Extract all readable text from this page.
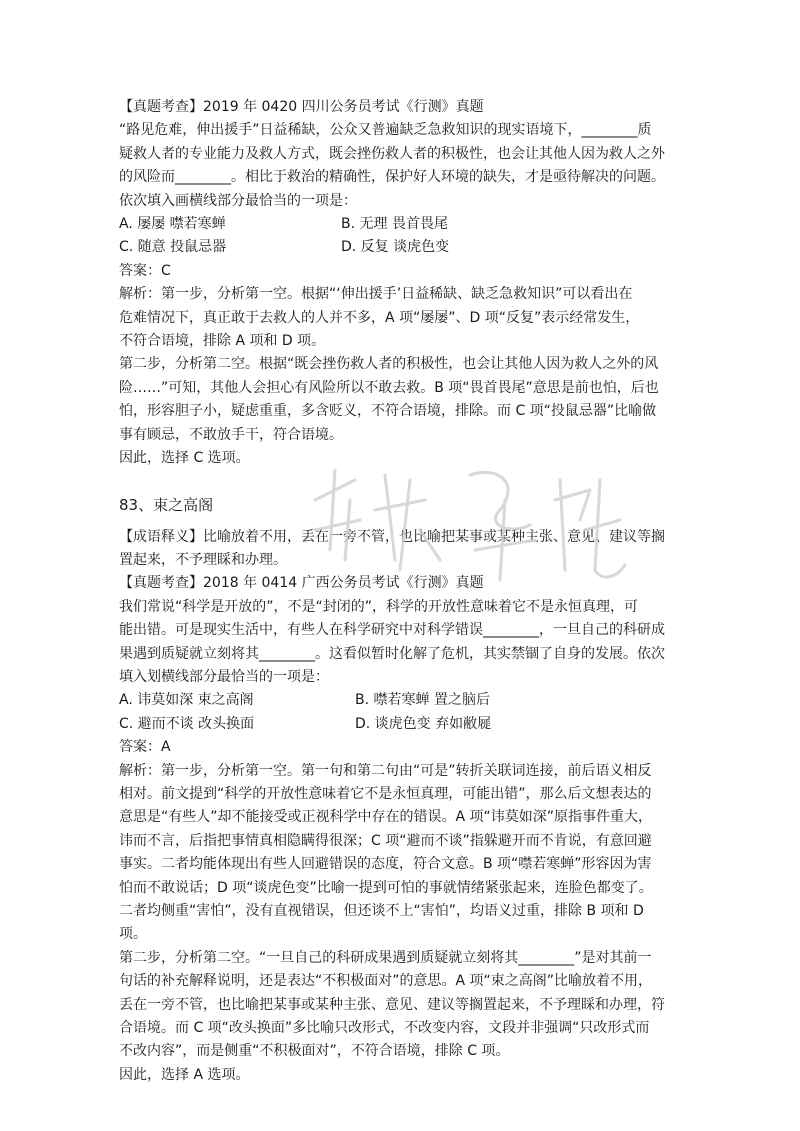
【真题考查】2019 年 0420 四川公务员考试《行测》真题

“路见危难，伸出援手”日益稀缺，公众又普遍缺乏急救知识的现实语境下，________质

疑救人者的专业能力及救人方式，既会挫伤救人者的积极性，也会让其他人因为救人之外

的风险而________。相比于救治的精确性，保护好人环境的缺失，才是亟待解决的问题。

依次填入画横线部分最恰当的一项是：

A. 屡屡 噤若寒蝉	B. 无理 畏首畏尾
C. 随意 投鼠忌器	D. 反复 谈虎色变

答案：C

解析：第一步，分析第一空。根据“‘伸出援手’日益稀缺、缺乏急救知识”可以看出在

危难情况下，真正敢于去救人的人并不多，A 项“屡屡”、D 项“反复”表示经常发生，

不符合语境，排除 A 项和 D 项。

第二步，分析第二空。根据“既会挫伤救人者的积极性，也会让其他人因为救人之外的风

险……”可知，其他人会担心有风险所以不敢去救。B 项“畏首畏尾”意思是前也怕，后也

怕，形容胆子小，疑虑重重，多含贬义，不符合语境，排除。而 C 项“投鼠忌器”比喻做

事有顾忌，不敢放手干，符合语境。

因此，选择 C 选项。

83、束之高阁

【成语释义】比喻放着不用，丢在一旁不管，也比喻把某事或某种主张、意见、建议等搁

置起来，不予理睬和办理。

【真题考查】2018 年 0414 广西公务员考试《行测》真题

我们常说“科学是开放的”，不是“封闭的”，科学的开放性意味着它不是永恒真理，可

能出错。可是现实生活中，有些人在科学研究中对科学错误________，一旦自己的科研成

果遇到质疑就立刻将其________。这看似暂时化解了危机，其实禁锢了自身的发展。依次

填入划横线部分最恰当的一项是：

A. 讳莫如深 束之高阁	B. 噤若寒蝉 置之脑后
C. 避而不谈 改头换面	D. 谈虎色变 弃如敝屣

答案：A

解析：第一步，分析第一空。第一句和第二句由“可是”转折关联词连接，前后语义相反

相对。前文提到“科学的开放性意味着它不是永恒真理，可能出错”，那么后文想表达的

意思是“有些人”却不能接受或正视科学中存在的错误。A 项“讳莫如深”原指事件重大，

讳而不言，后指把事情真相隐瞒得很深；C 项“避而不谈”指躲避开而不肯说，有意回避

事实。二者均能体现出有些人回避错误的态度，符合文意。B 项“噤若寒蝉”形容因为害

怕而不敢说话；D 项“谈虎色变”比喻一提到可怕的事就情绪紧张起来，连脸色都变了。

二者均侧重“害怕”，没有直视错误，但还谈不上“害怕”，均语义过重，排除 B 项和 D

项。

第二步，分析第二空。“一旦自己的科研成果遇到质疑就立刻将其________”是对其前一

句话的补充解释说明，还是表达“不积极面对”的意思。A 项“束之高阁”比喻放着不用，

丢在一旁不管，也比喻把某事或某种主张、意见、建议等搁置起来，不予理睬和办理，符

合语境。而 C 项“改头换面”多比喻只改形式，不改变内容，文段并非强调“只改形式而

不改内容”，而是侧重“不积极面对”，不符合语境，排除 C 项。

因此，选择 A 选项。
